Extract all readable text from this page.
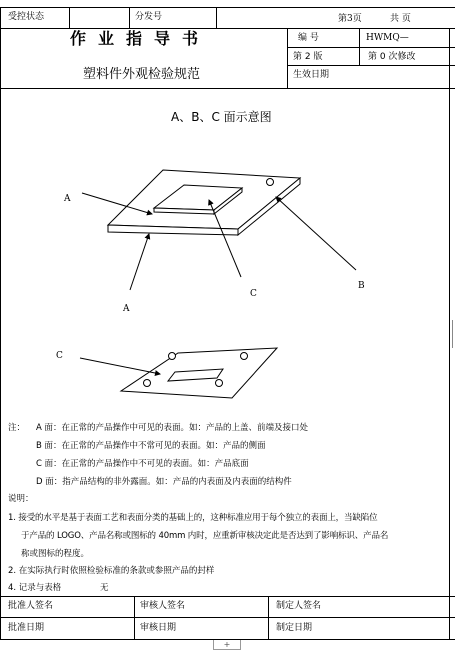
+
受控状态	分发号	第3页	共 页
作业指导书	编 号	HWMQ—
第 2 版	第 0 次修改
塑料件外观检验规范	生效日期
A、B、C 面示意图
A
A
C
B
C
注： A 面：在正常的产品操作中可见的表面。如：产品的上盖、前端及接口处
B 面：在正常的产品操作中不常可见的表面。如：产品的侧面
C 面：在正常的产品操作中不可见的表面。如：产品底面
D 面：指产品结构的非外露面。如：产品的内表面及内表面的结构件
说明：
1. 接受的水平是基于表面工艺和表面分类的基础上的，这种标准应用于每个独立的表面上，当缺陷位
于产品的 LOGO、产品名称或图标的 40mm 内时，应重新审核决定此是否达到了影响标识、产品名
称或图标的程度。
2. 在实际执行时依照检验标准的条款或参照产品的封样
4. 记录与表格	无
批准人签名	审核人签名	制定人签名
批准日期	审核日期	制定日期
